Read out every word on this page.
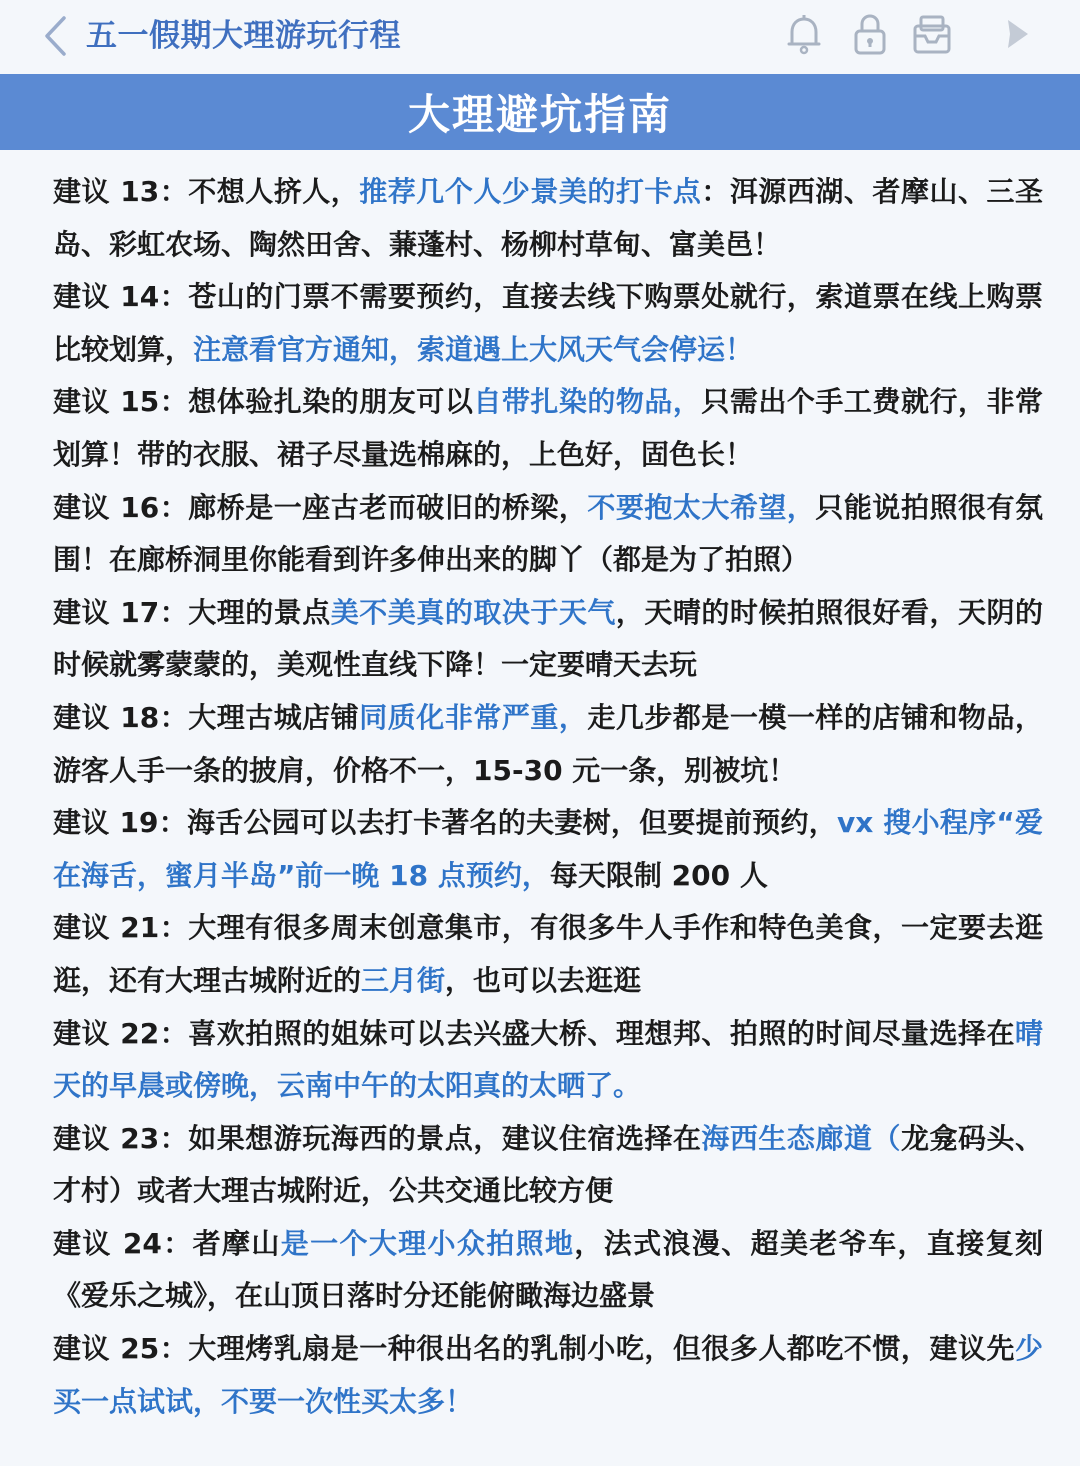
五一假期大理游玩行程
大理避坑指南
建议 13：不想人挤人，推荐几个人少景美的打卡点：洱源西湖、者摩山、三圣岛、彩虹农场、陶然田舍、蒹蓬村、杨柳村草甸、富美邑！
建议 14：苍山的门票不需要预约，直接去线下购票处就行，索道票在线上购票比较划算，注意看官方通知，索道遇上大风天气会停运！
建议 15：想体验扎染的朋友可以自带扎染的物品，只需出个手工费就行，非常划算！带的衣服、裙子尽量选棉麻的，上色好，固色长！
建议 16：廊桥是一座古老而破旧的桥梁，不要抱太大希望，只能说拍照很有氛围！在廊桥洞里你能看到许多伸出来的脚丫（都是为了拍照）
建议 17：大理的景点美不美真的取决于天气，天晴的时候拍照很好看，天阴的时候就雾蒙蒙的，美观性直线下降！一定要晴天去玩
建议 18：大理古城店铺同质化非常严重，走几步都是一模一样的店铺和物品，游客人手一条的披肩，价格不一，15-30 元一条，别被坑！
建议 19：海舌公园可以去打卡著名的夫妻树，但要提前预约，vx 搜小程序“爱在海舌，蜜月半岛”前一晚 18 点预约，每天限制 200 人
建议 21：大理有很多周末创意集市，有很多牛人手作和特色美食，一定要去逛逛，还有大理古城附近的三月街，也可以去逛逛
建议 22：喜欢拍照的姐妹可以去兴盛大桥、理想邦、拍照的时间尽量选择在晴天的早晨或傍晚，云南中午的太阳真的太晒了。
建议 23：如果想游玩海西的景点，建议住宿选择在海西生态廊道（龙龛码头、才村）或者大理古城附近，公共交通比较方便
建议 24：者摩山是一个大理小众拍照地，法式浪漫、超美老爷车，直接复刻《爱乐之城》，在山顶日落时分还能俯瞰海边盛景
建议 25：大理烤乳扇是一种很出名的乳制小吃，但很多人都吃不惯，建议先少买一点试试，不要一次性买太多！
